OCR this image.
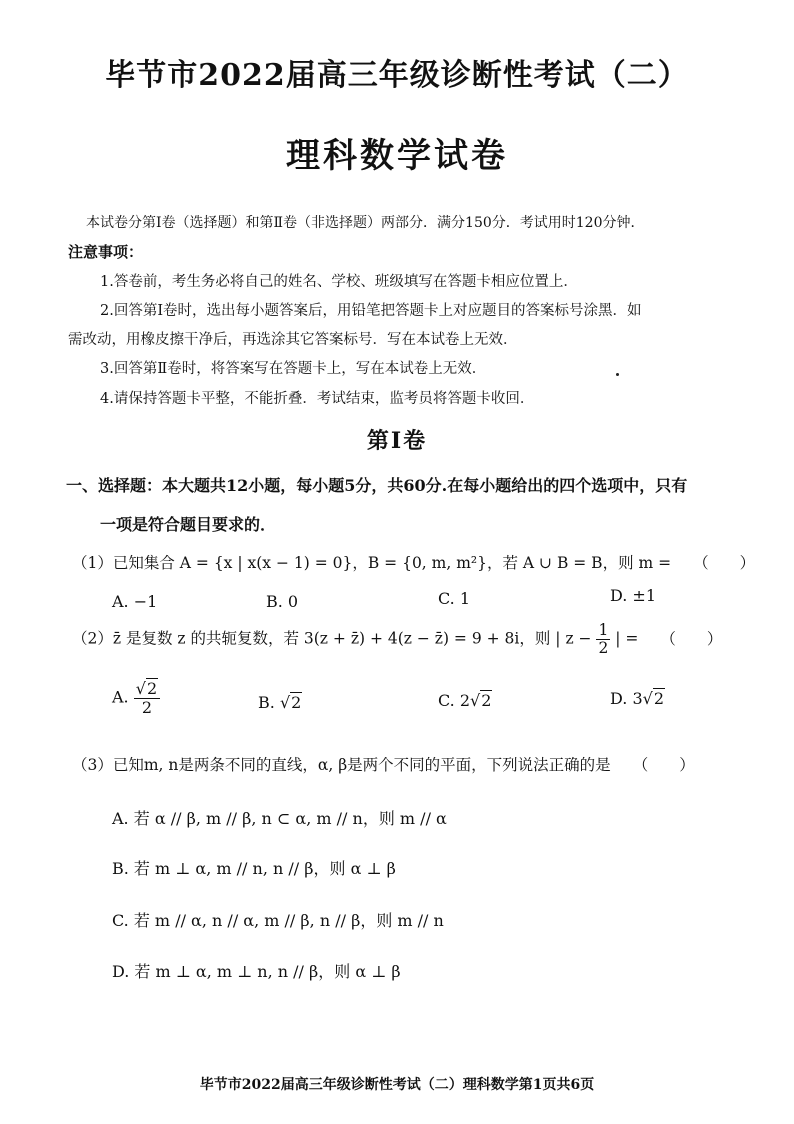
毕节市2022届高三年级诊断性考试（二）
理科数学试卷
本试卷分第Ⅰ卷（选择题）和第Ⅱ卷（非选择题）两部分．满分150分．考试用时120分钟．
注意事项：
1.答卷前，考生务必将自己的姓名、学校、班级填写在答题卡相应位置上．
2.回答第Ⅰ卷时，选出每小题答案后，用铅笔把答题卡上对应题目的答案标号涂黑．如
需改动，用橡皮擦干净后，再选涂其它答案标号．写在本试卷上无效．
3.回答第Ⅱ卷时，将答案写在答题卡上，写在本试卷上无效．
4.请保持答题卡平整，不能折叠．考试结束，监考员将答题卡收回．
第Ⅰ卷
一、选择题：本大题共12小题，每小题5分，共60分.在每小题给出的四个选项中，只有
一项是符合题目要求的．
（1）已知集合 A = {x | x(x − 1) = 0}，B = {0, m, m²}，若 A ∪ B = B，则 m = （　　）
A. −1	B. 0	C. 1	D. ±1
（2）z̄ 是复数 z 的共轭复数，若 3(z + z̄) + 4(z − z̄) = 9 + 8i，则 | $z - \frac{1}{2}$ | = （　　）
A. $\frac{√2}{2}$	B. √2	C. 2√2	D. 3√2
（3）已知m, n是两条不同的直线，α, β是两个不同的平面，下列说法正确的是 （　　）
A. 若 α // β, m // β, n ⊂ α, m // n，则 m // α
B. 若 m ⊥ α, m // n, n // β，则 α ⊥ β
C. 若 m // α, n // α, m // β, n // β，则 m // n
D. 若 m ⊥ α, m ⊥ n, n // β，则 α ⊥ β
毕节市2022届高三年级诊断性考试（二）理科数学第1页共6页
